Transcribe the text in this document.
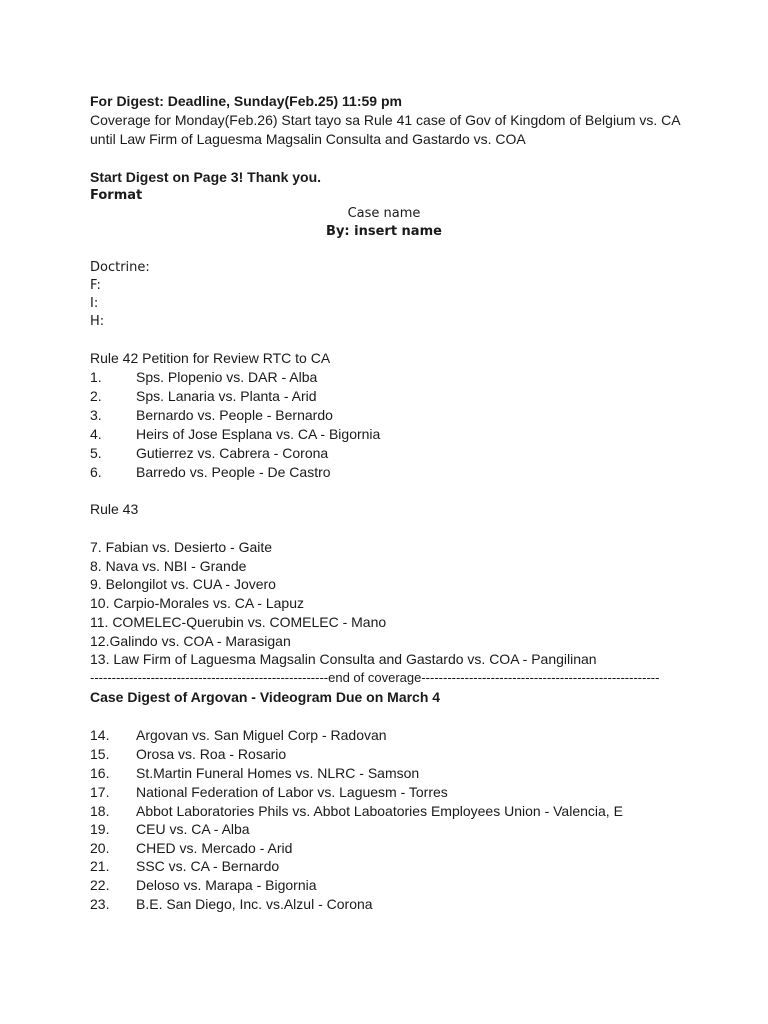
For Digest: Deadline, Sunday(Feb.25) 11:59 pm
Coverage for Monday(Feb.26) Start tayo sa Rule 41 case of Gov of Kingdom of Belgium vs. CA
until Law Firm of Laguesma Magsalin Consulta and Gastardo vs. COA
Start Digest on Page 3! Thank you.
Format
Case name
By: insert name
Doctrine:
F:
I:
H:
Rule 42 Petition for Review RTC to CA
1. Sps. Plopenio vs. DAR - Alba
2. Sps. Lanaria vs. Planta - Arid
3. Bernardo vs. People - Bernardo
4. Heirs of Jose Esplana vs. CA - Bigornia
5. Gutierrez vs. Cabrera - Corona
6. Barredo vs. People - De Castro
Rule 43
7. Fabian vs. Desierto - Gaite
8. Nava vs. NBI - Grande
9. Belongilot vs. CUA - Jovero
10. Carpio-Morales vs. CA - Lapuz
11. COMELEC-Querubin vs. COMELEC - Mano
12.Galindo vs. COA - Marasigan
13. Law Firm of Laguesma Magsalin Consulta and Gastardo vs. COA - Pangilinan
-------------------------------------------------------end of coverage-------------------------------------------------------
Case Digest of Argovan - Videogram Due on March 4
14. Argovan vs. San Miguel Corp - Radovan
15. Orosa vs. Roa - Rosario
16. St.Martin Funeral Homes vs. NLRC - Samson
17. National Federation of Labor vs. Laguesm - Torres
18. Abbot Laboratories Phils vs. Abbot Laboatories Employees Union - Valencia, E
19. CEU vs. CA - Alba
20. CHED vs. Mercado - Arid
21. SSC vs. CA - Bernardo
22. Deloso vs. Marapa - Bigornia
23. B.E. San Diego, Inc. vs.Alzul - Corona
